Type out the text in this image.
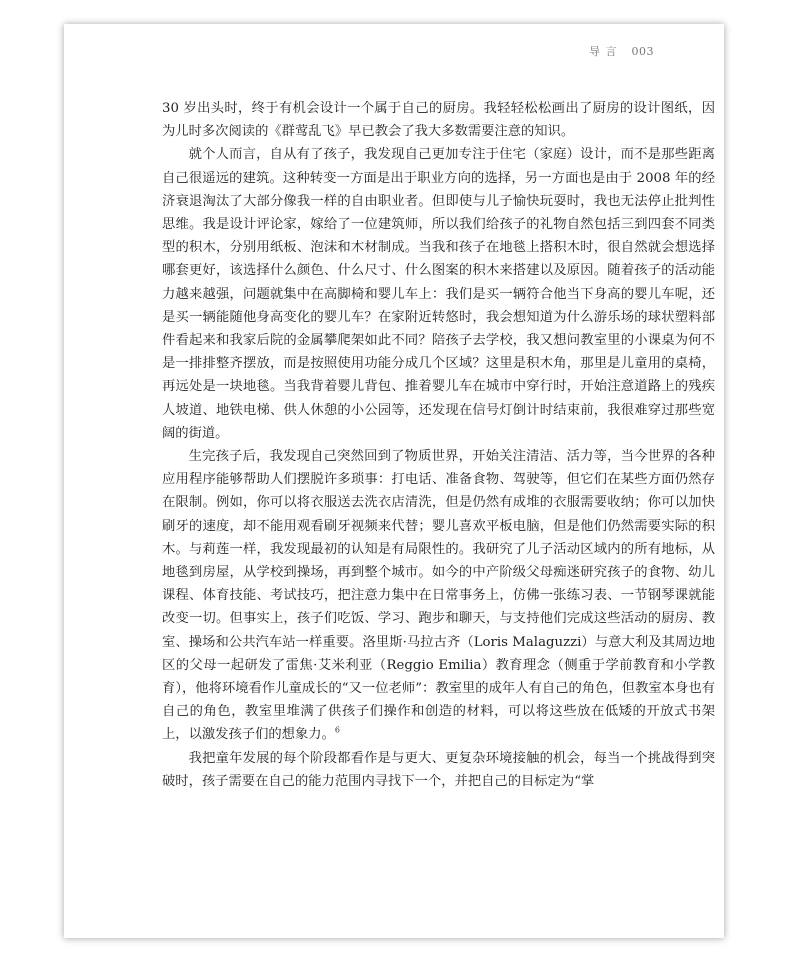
导 言 003

30 岁出头时，终于有机会设计一个属于自己的厨房。我轻轻松松画出了厨房的设计图纸，因为儿时多次阅读的《群莺乱飞》早已教会了我大多数需要注意的知识。

就个人而言，自从有了孩子，我发现自己更加专注于住宅（家庭）设计，而不是那些距离自己很遥远的建筑。这种转变一方面是出于职业方向的选择，另一方面也是由于 2008 年的经济衰退淘汰了大部分像我一样的自由职业者。但即使与儿子愉快玩耍时，我也无法停止批判性思维。我是设计评论家，嫁给了一位建筑师，所以我们给孩子的礼物自然包括三到四套不同类型的积木，分别用纸板、泡沫和木材制成。当我和孩子在地毯上搭积木时，很自然就会想选择哪套更好，该选择什么颜色、什么尺寸、什么图案的积木来搭建以及原因。随着孩子的活动能力越来越强，问题就集中在高脚椅和婴儿车上：我们是买一辆符合他当下身高的婴儿车呢，还是买一辆能随他身高变化的婴儿车？在家附近转悠时，我会想知道为什么游乐场的球状塑料部件看起来和我家后院的金属攀爬架如此不同？陪孩子去学校，我又想问教室里的小课桌为何不是一排排整齐摆放，而是按照使用功能分成几个区域？这里是积木角，那里是儿童用的桌椅，再远处是一块地毯。当我背着婴儿背包、推着婴儿车在城市中穿行时，开始注意道路上的残疾人坡道、地铁电梯、供人休憩的小公园等，还发现在信号灯倒计时结束前，我很难穿过那些宽阔的街道。

生完孩子后，我发现自己突然回到了物质世界，开始关注清洁、活力等，当今世界的各种应用程序能够帮助人们摆脱许多琐事：打电话、准备食物、驾驶等，但它们在某些方面仍然存在限制。例如，你可以将衣服送去洗衣店清洗，但是仍然有成堆的衣服需要收纳；你可以加快刷牙的速度，却不能用观看刷牙视频来代替；婴儿喜欢平板电脑，但是他们仍然需要实际的积木。与莉莲一样，我发现最初的认知是有局限性的。我研究了儿子活动区域内的所有地标，从地毯到房屋，从学校到操场，再到整个城市。如今的中产阶级父母痴迷研究孩子的食物、幼儿课程、体育技能、考试技巧，把注意力集中在日常事务上，仿佛一张练习表、一节钢琴课就能改变一切。但事实上，孩子们吃饭、学习、跑步和聊天，与支持他们完成这些活动的厨房、教室、操场和公共汽车站一样重要。洛里斯·马拉古齐（Loris Malaguzzi）与意大利及其周边地区的父母一起研发了雷焦·艾米利亚（Reggio Emilia）教育理念（侧重于学前教育和小学教育），他将环境看作儿童成长的“又一位老师”：教室里的成年人有自己的角色，但教室本身也有自己的角色，教室里堆满了供孩子们操作和创造的材料，可以将这些放在低矮的开放式书架上，以激发孩子们的想象力。$^6$

我把童年发展的每个阶段都看作是与更大、更复杂环境接触的机会，每当一个挑战得到突破时，孩子需要在自己的能力范围内寻找下一个，并把自己的目标定为“掌
